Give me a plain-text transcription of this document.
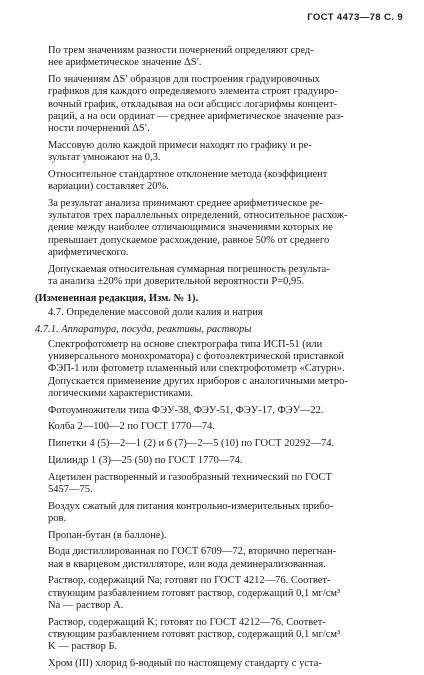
ГОСТ 4473—78 С. 9

По трем значениям разности почернений определяют сред-
нее арифметическое значение ΔS′.

По значениям ΔS′ образцов для построения градуировочных
графиков для каждого определяемого элемента строят градуиро-
вочный график, откладывая на оси абсцисс логарифмы концент-
раций, а на оси ординат — среднее арифметическое значение раз-
ности почернений ΔS′.

Массовую долю каждой примеси находят по графику и ре-
зультат умножают на 0,3.

Относительное стандартное отклонение метода (коэффициент
вариации) составляет 20%.

За результат анализа принимают среднее арифметическое ре-
зультатов трех параллельных определений, относительное расхож-
дение между наиболее отличающимися значениями которых не
превышает допускаемое расхождение, равное 50% от среднего
арифметического.

Допускаемая относительная суммарная погрешность результа-
та анализа ±20% при доверительной вероятности P=0,95.

(Измененная редакция, Изм. № 1).

4.7. Определение массовой доли калия и натрия

4.7.1. Аппаратура, посуда, реактивы, растворы

Спектрофотометр на основе спектрографа типа ИСП-51 (или
универсального монохроматора) с фотоэлектрической приставкой
ФЭП-1 или фотометр пламенный или спектрофотометр «Сатурн».
Допускается применение других приборов с аналогичными метро-
логическими характеристиками.

Фотоумножители типа ФЭУ-38, ФЭУ-51, ФЭУ-17, ФЭУ—22.

Колба 2—100—2 по ГОСТ 1770—74.

Пипетки 4 (5)—2—1 (2) и 6 (7)—2—5 (10) по ГОСТ 20292—74.

Цилиндр 1 (3)—25 (50) по ГОСТ 1770—74.

Ацетилен растворенный и газообразный технический по ГОСТ
5457—75.

Воздух сжатый для питания контрольно-измерительных прибо-
ров.

Пропан-бутан (в баллоне).

Вода дистиллированная по ГОСТ 6709—72, вторично перегнан-
ная в кварцевом дистилляторе, или вода деминерализованная.

Раствор, содержащий Na; готовят по ГОСТ 4212—76. Соответ-
ствующим разбавлением готовят раствор, содержащий 0,1 мг/см³
Na — раствор А.

Раствор, содержащий K; готовят по ГОСТ 4212—76. Соответ-
ствующим разбавлением готовят раствор, содержащий 0,1 мг/см³
K — раствор Б.

Хром (III) хлорид 6-водный по настоящему стандарту с уста-
